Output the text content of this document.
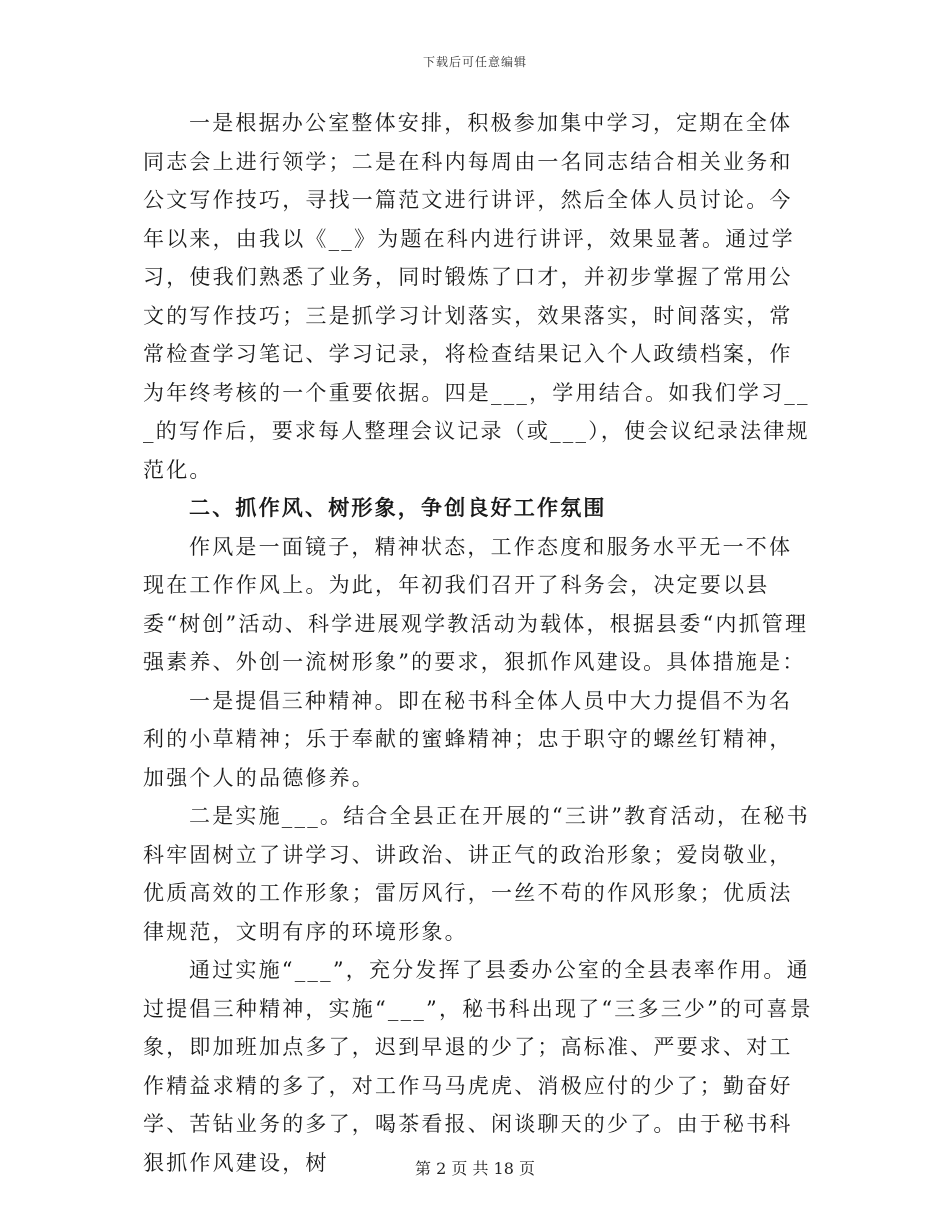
下载后可任意编辑

一是根据办公室整体安排，积极参加集中学习，定期在全体同志会上进行领学；二是在科内每周由一名同志结合相关业务和公文写作技巧，寻找一篇范文进行讲评，然后全体人员讨论。今年以来，由我以《__》为题在科内进行讲评，效果显著。通过学习，使我们熟悉了业务，同时锻炼了口才，并初步掌握了常用公文的写作技巧；三是抓学习计划落实，效果落实，时间落实，常常检查学习笔记、学习记录，将检查结果记入个人政绩档案，作为年终考核的一个重要依据。四是___，学用结合。如我们学习___的写作后，要求每人整理会议记录（或___），使会议纪录法律规范化。

二、抓作风、树形象，争创良好工作氛围

作风是一面镜子，精神状态，工作态度和服务水平无一不体现在工作作风上。为此，年初我们召开了科务会，决定要以县委“树创”活动、科学进展观学教活动为载体，根据县委“内抓管理强素养、外创一流树形象”的要求，狠抓作风建设。具体措施是：

一是提倡三种精神。即在秘书科全体人员中大力提倡不为名利的小草精神；乐于奉献的蜜蜂精神；忠于职守的螺丝钉精神，加强个人的品德修养。

二是实施___。结合全县正在开展的“三讲”教育活动，在秘书科牢固树立了讲学习、讲政治、讲正气的政治形象；爱岗敬业，优质高效的工作形象；雷厉风行，一丝不苟的作风形象；优质法律规范，文明有序的环境形象。

通过实施“___”，充分发挥了县委办公室的全县表率作用。通过提倡三种精神，实施“___”，秘书科出现了“三多三少”的可喜景象，即加班加点多了，迟到早退的少了；高标准、严要求、对工作精益求精的多了，对工作马马虎虎、消极应付的少了；勤奋好学、苦钻业务的多了，喝茶看报、闲谈聊天的少了。由于秘书科狠抓作风建设，树	第 2 页 共 18 页
